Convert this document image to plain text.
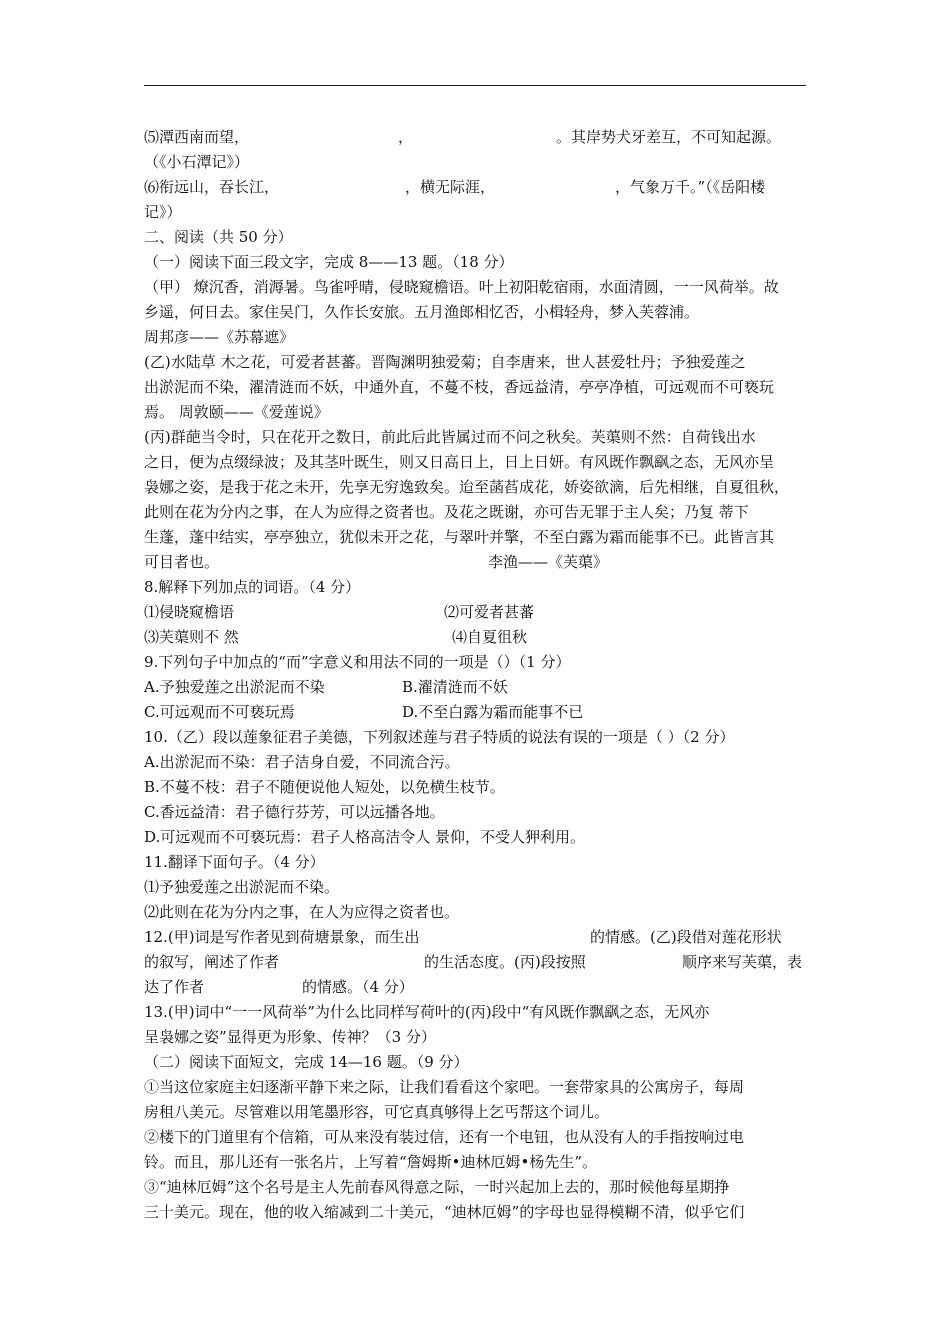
⑸潭西南而望，	，	。其岸势犬牙差互，不可知起源。
（《小石潭记》）
⑹衔远山，吞长江，	，横无际涯，	，气象万千。”（《岳阳楼
记》）
二、阅读（共 50 分）
（一）阅读下面三段文字，完成 8——13 题。（18 分）
（甲） 燎沉香，消溽暑。鸟雀呼晴，侵晓窥檐语。叶上初阳乾宿雨，水面清圆，一一风荷举。故
乡遥，何日去。家住吴门，久作长安旅。五月渔郎相忆否，小楫轻舟，梦入芙蓉浦。
周邦彦——《苏幕遮》
(乙)水陆草 木之花，可爱者甚蕃。晋陶渊明独爱菊；自李唐来，世人甚爱牡丹；予独爱莲之
出淤泥而不染，濯清涟而不妖，中通外直，不蔓不枝，香远益清，亭亭净植，可远观而不可亵玩
焉。 周敦颐——《爱莲说》
(丙)群葩当令时，只在花开之数日，前此后此皆属过而不问之秋矣。芙蕖则不然：自荷钱出水
之日，便为点缀绿波；及其茎叶既生，则又日高日上，日上日妍。有风既作飘飖之态，无风亦呈
袅娜之姿，是我于花之未开，先享无穷逸致矣。迨至菡萏成花，娇姿欲滴，后先相继，自夏徂秋，
此则在花为分内之事，在人为应得之资者也。及花之既谢，亦可告无罪于主人矣；乃复 蒂下
生蓬，蓬中结实，亭亭独立，犹似未开之花，与翠叶并擎，不至白露为霜而能事不已。此皆言其
可目者也。	李渔——《芙蕖》
8.解释下列加点的词语。（4 分）
⑴侵晓窥檐语	⑵可爱者甚蕃
⑶芙蕖则不 然	⑷自夏徂秋
9.下列句子中加点的“而”字意义和用法不同的一项是（）（1 分）
A.予独爱莲之出淤泥而不染	B.濯清涟而不妖
C.可远观而不可亵玩焉	D.不至白露为霜而能事不已
10.（乙）段以莲象征君子美德，下列叙述莲与君子特质的说法有误的一项是（ ）（2 分）
A.出淤泥而不染：君子洁身自爱，不同流合污。
B.不蔓不枝：君子不随便说他人短处，以免横生枝节。
C.香远益清：君子德行芬芳，可以远播各地。
D.可远观而不可亵玩焉：君子人格高洁令人 景仰，不受人狎利用。
11.翻译下面句子。（4 分）
⑴予独爱莲之出淤泥而不染。
⑵此则在花为分内之事，在人为应得之资者也。
12.(甲)词是写作者见到荷塘景象，而生出	的情感。(乙)段借对莲花形状
的叙写，阐述了作者	的生活态度。(丙)段按照	顺序来写芙蕖，表
达了作者	的情感。（4 分）
13.(甲)词中“一一风荷举”为什么比同样写荷叶的(丙)段中“有风既作飘飖之态，无风亦
呈袅娜之姿”显得更为形象、传神？（3 分）
（二）阅读下面短文，完成 14—16 题。（9 分）
①当这位家庭主妇逐渐平静下来之际，让我们看看这个家吧。一套带家具的公寓房子，每周
房租八美元。尽管难以用笔墨形容，可它真真够得上乞丐帮这个词儿。
②楼下的门道里有个信箱，可从来没有装过信，还有一个电钮，也从没有人的手指按响过电
铃。而且，那儿还有一张名片，上写着“詹姆斯•迪林厄姆•杨先生”。
③“迪林厄姆”这个名号是主人先前春风得意之际，一时兴起加上去的，那时候他每星期挣
三十美元。现在，他的收入缩减到二十美元，“迪林厄姆”的字母也显得模糊不清，似乎它们
